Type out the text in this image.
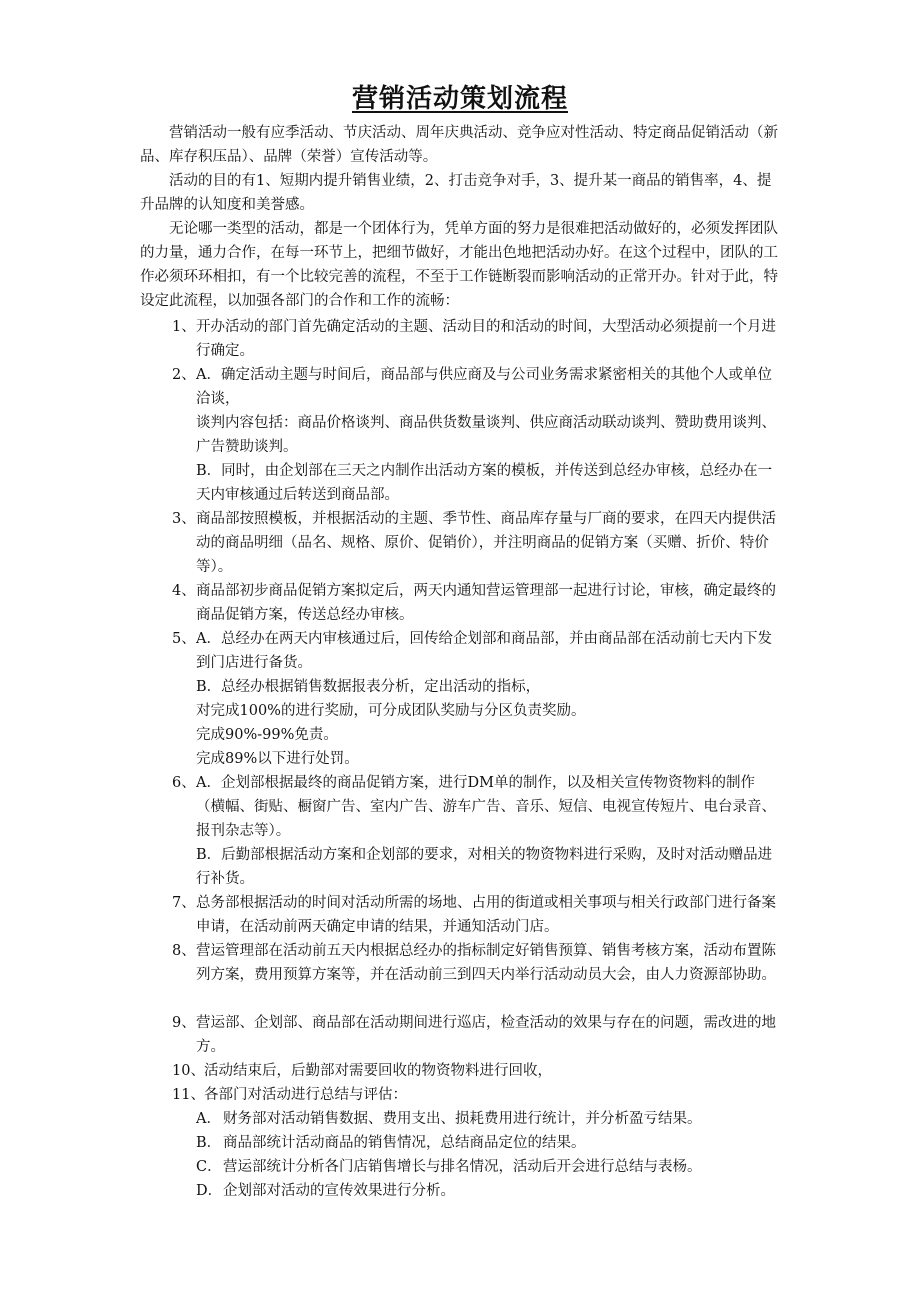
营销活动策划流程

营销活动一般有应季活动、节庆活动、周年庆典活动、竞争应对性活动、特定商品促销活动（新品、库存积压品）、品牌（荣誉）宣传活动等。

活动的目的有1、短期内提升销售业绩，2、打击竞争对手，3、提升某一商品的销售率，4、提升品牌的认知度和美誉感。

无论哪一类型的活动，都是一个团体行为，凭单方面的努力是很难把活动做好的，必须发挥团队的力量，通力合作，在每一环节上，把细节做好，才能出色地把活动办好。在这个过程中，团队的工作必须环环相扣，有一个比较完善的流程，不至于工作链断裂而影响活动的正常开办。针对于此，特设定此流程，以加强各部门的合作和工作的流畅：

1、 开办活动的部门首先确定活动的主题、活动目的和活动的时间，大型活动必须提前一个月进行确定。
2、 A．确定活动主题与时间后，商品部与供应商及与公司业务需求紧密相关的其他个人或单位洽谈，
谈判内容包括：商品价格谈判、商品供货数量谈判、供应商活动联动谈判、赞助费用谈判、广告赞助谈判。
B．同时，由企划部在三天之内制作出活动方案的模板，并传送到总经办审核，总经办在一天内审核通过后转送到商品部。
3、 商品部按照模板，并根据活动的主题、季节性、商品库存量与厂商的要求，在四天内提供活动的商品明细（品名、规格、原价、促销价），并注明商品的促销方案（买赠、折价、特价等）。
4、 商品部初步商品促销方案拟定后，两天内通知营运管理部一起进行讨论，审核，确定最终的商品促销方案，传送总经办审核。
5、 A．总经办在两天内审核通过后，回传给企划部和商品部，并由商品部在活动前七天内下发到门店进行备货。
B．总经办根据销售数据报表分析，定出活动的指标，
对完成100%的进行奖励，可分成团队奖励与分区负责奖励。
完成90%-99%免责。
完成89%以下进行处罚。
6、 A．企划部根据最终的商品促销方案，进行DM单的制作，以及相关宣传物资物料的制作（横幅、街贴、橱窗广告、室内广告、游车广告、音乐、短信、电视宣传短片、电台录音、报刊杂志等）。
B．后勤部根据活动方案和企划部的要求，对相关的物资物料进行采购，及时对活动赠品进行补货。
7、 总务部根据活动的时间对活动所需的场地、占用的街道或相关事项与相关行政部门进行备案申请，在活动前两天确定申请的结果，并通知活动门店。
8、 营运管理部在活动前五天内根据总经办的指标制定好销售预算、销售考核方案，活动布置陈列方案，费用预算方案等，并在活动前三到四天内举行活动动员大会，由人力资源部协助。
9、 营运部、企划部、商品部在活动期间进行巡店，检查活动的效果与存在的问题，需改进的地方。
10、 活动结束后，后勤部对需要回收的物资物料进行回收，
11、 各部门对活动进行总结与评估：
A． 财务部对活动销售数据、费用支出、损耗费用进行统计，并分析盈亏结果。
B． 商品部统计活动商品的销售情况，总结商品定位的结果。
C． 营运部统计分析各门店销售增长与排名情况，活动后开会进行总结与表杨。
D． 企划部对活动的宣传效果进行分析。
